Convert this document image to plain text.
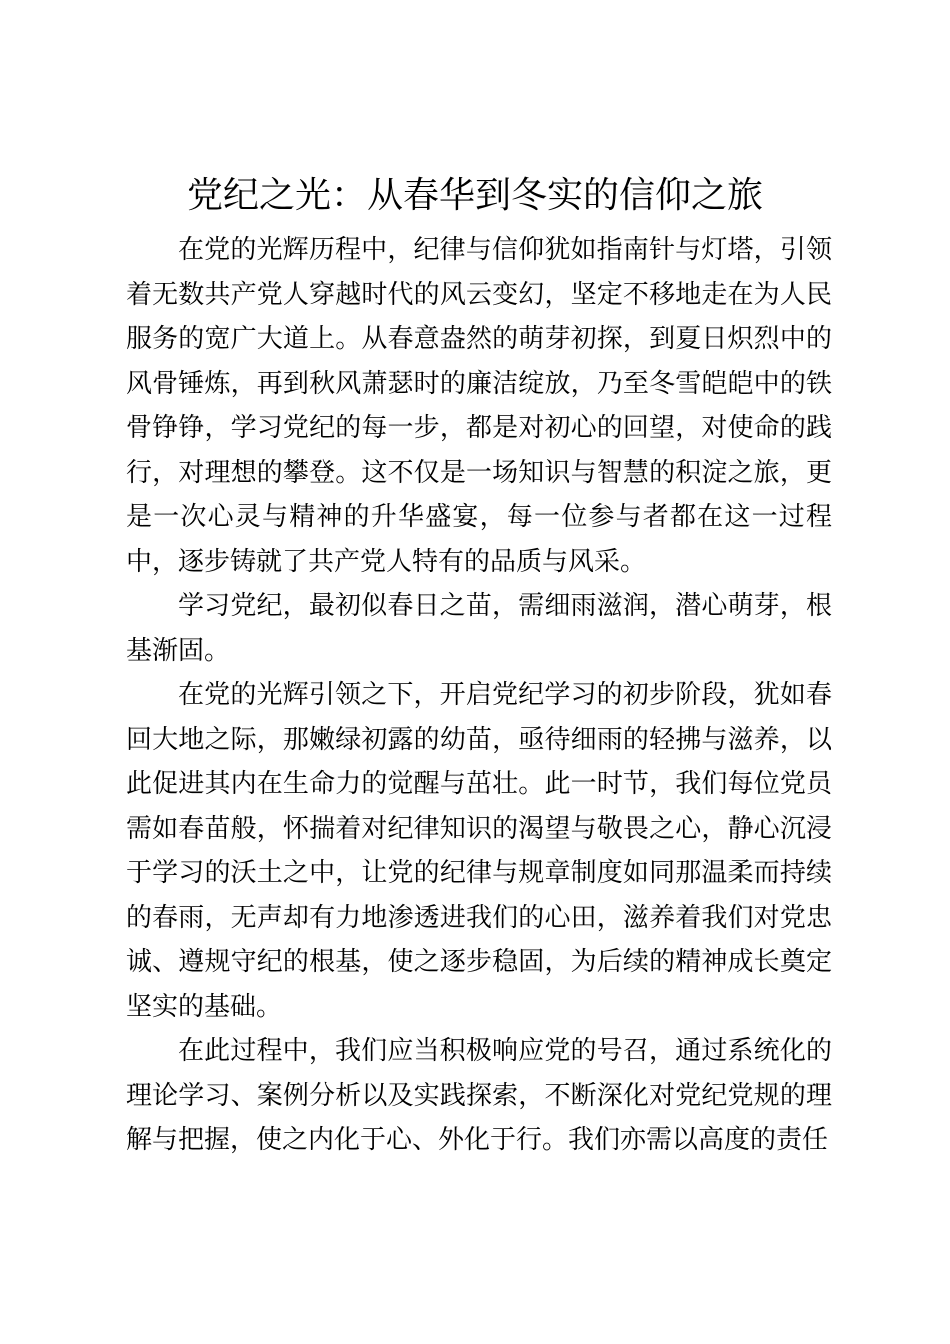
党纪之光：从春华到冬实的信仰之旅

在党的光辉历程中，纪律与信仰犹如指南针与灯塔，引领着无数共产党人穿越时代的风云变幻，坚定不移地走在为人民服务的宽广大道上。从春意盎然的萌芽初探，到夏日炽烈中的风骨锤炼，再到秋风萧瑟时的廉洁绽放，乃至冬雪皑皑中的铁骨铮铮，学习党纪的每一步，都是对初心的回望，对使命的践行，对理想的攀登。这不仅是一场知识与智慧的积淀之旅，更是一次心灵与精神的升华盛宴，每一位参与者都在这一过程中，逐步铸就了共产党人特有的品质与风采。

学习党纪，最初似春日之苗，需细雨滋润，潜心萌芽，根基渐固。

在党的光辉引领之下，开启党纪学习的初步阶段，犹如春回大地之际，那嫩绿初露的幼苗，亟待细雨的轻拂与滋养，以此促进其内在生命力的觉醒与茁壮。此一时节，我们每位党员需如春苗般，怀揣着对纪律知识的渴望与敬畏之心，静心沉浸于学习的沃土之中，让党的纪律与规章制度如同那温柔而持续的春雨，无声却有力地渗透进我们的心田，滋养着我们对党忠诚、遵规守纪的根基，使之逐步稳固，为后续的精神成长奠定坚实的基础。

在此过程中，我们应当积极响应党的号召，通过系统化的理论学习、案例分析以及实践探索，不断深化对党纪党规的理解与把握，使之内化于心、外化于行。我们亦需以高度的责任
